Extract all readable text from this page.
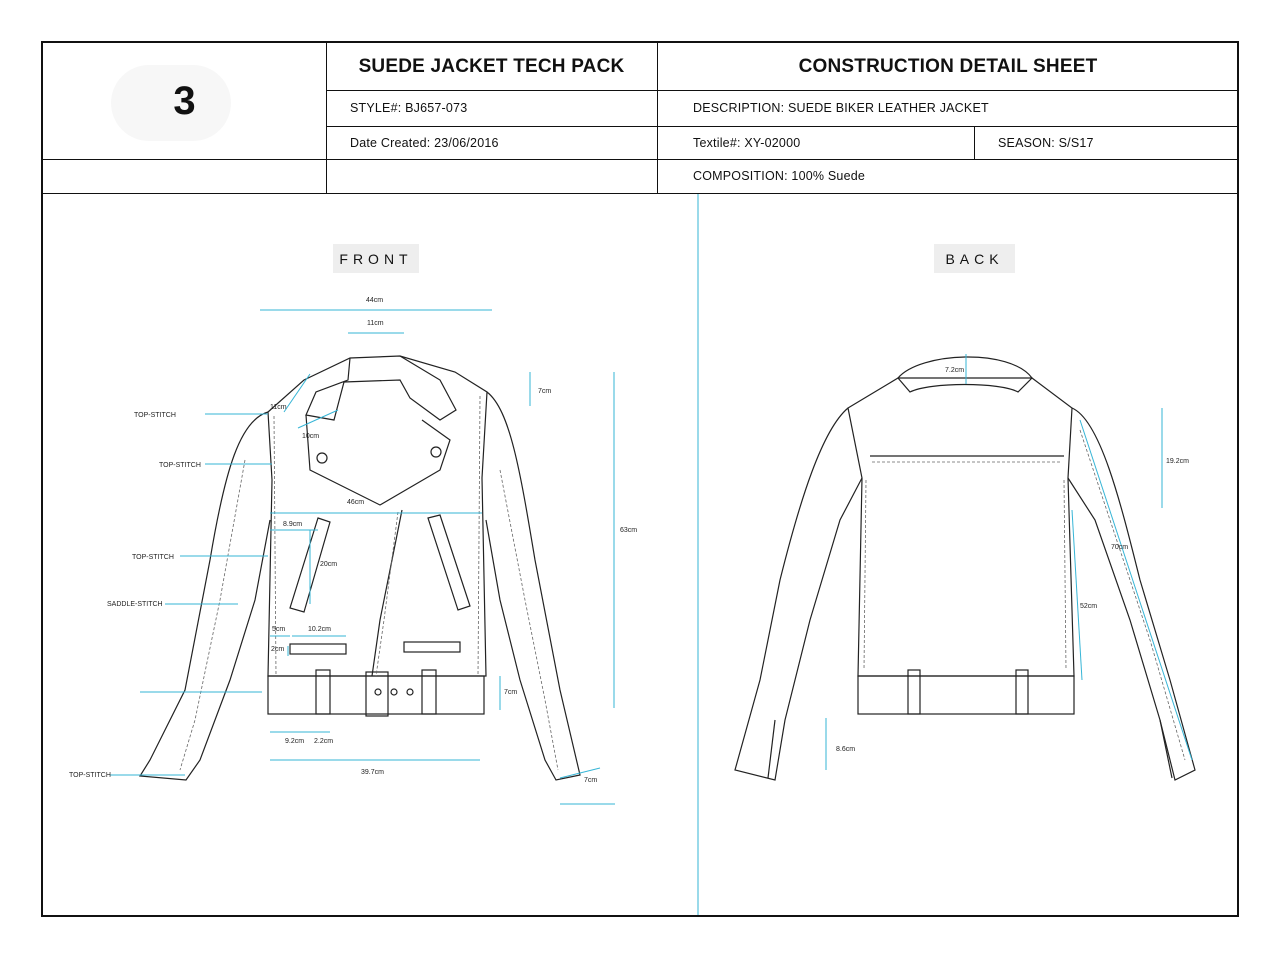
3
SUEDE JACKET TECH PACK	CONSTRUCTION DETAIL SHEET
STYLE#: BJ657-073	DESCRIPTION: SUEDE BIKER LEATHER JACKET
Date Created: 23/06/2016	Textile#: XY-02000	SEASON: S/S17
COMPOSITION: 100% Suede
FRONT	BACK
44cm
11cm
7cm
63cm
11cm
10cm
46cm
8.9cm
20cm
5cm	10.2cm
2cm
7cm
9.2cm 2.2cm
39.7cm
7cm
TOP-STITCH
TOP-STITCH
TOP-STITCH
SADDLE-STITCH
TOP-STITCH
7.2cm
19.2cm
70cm
52cm
8.6cm
